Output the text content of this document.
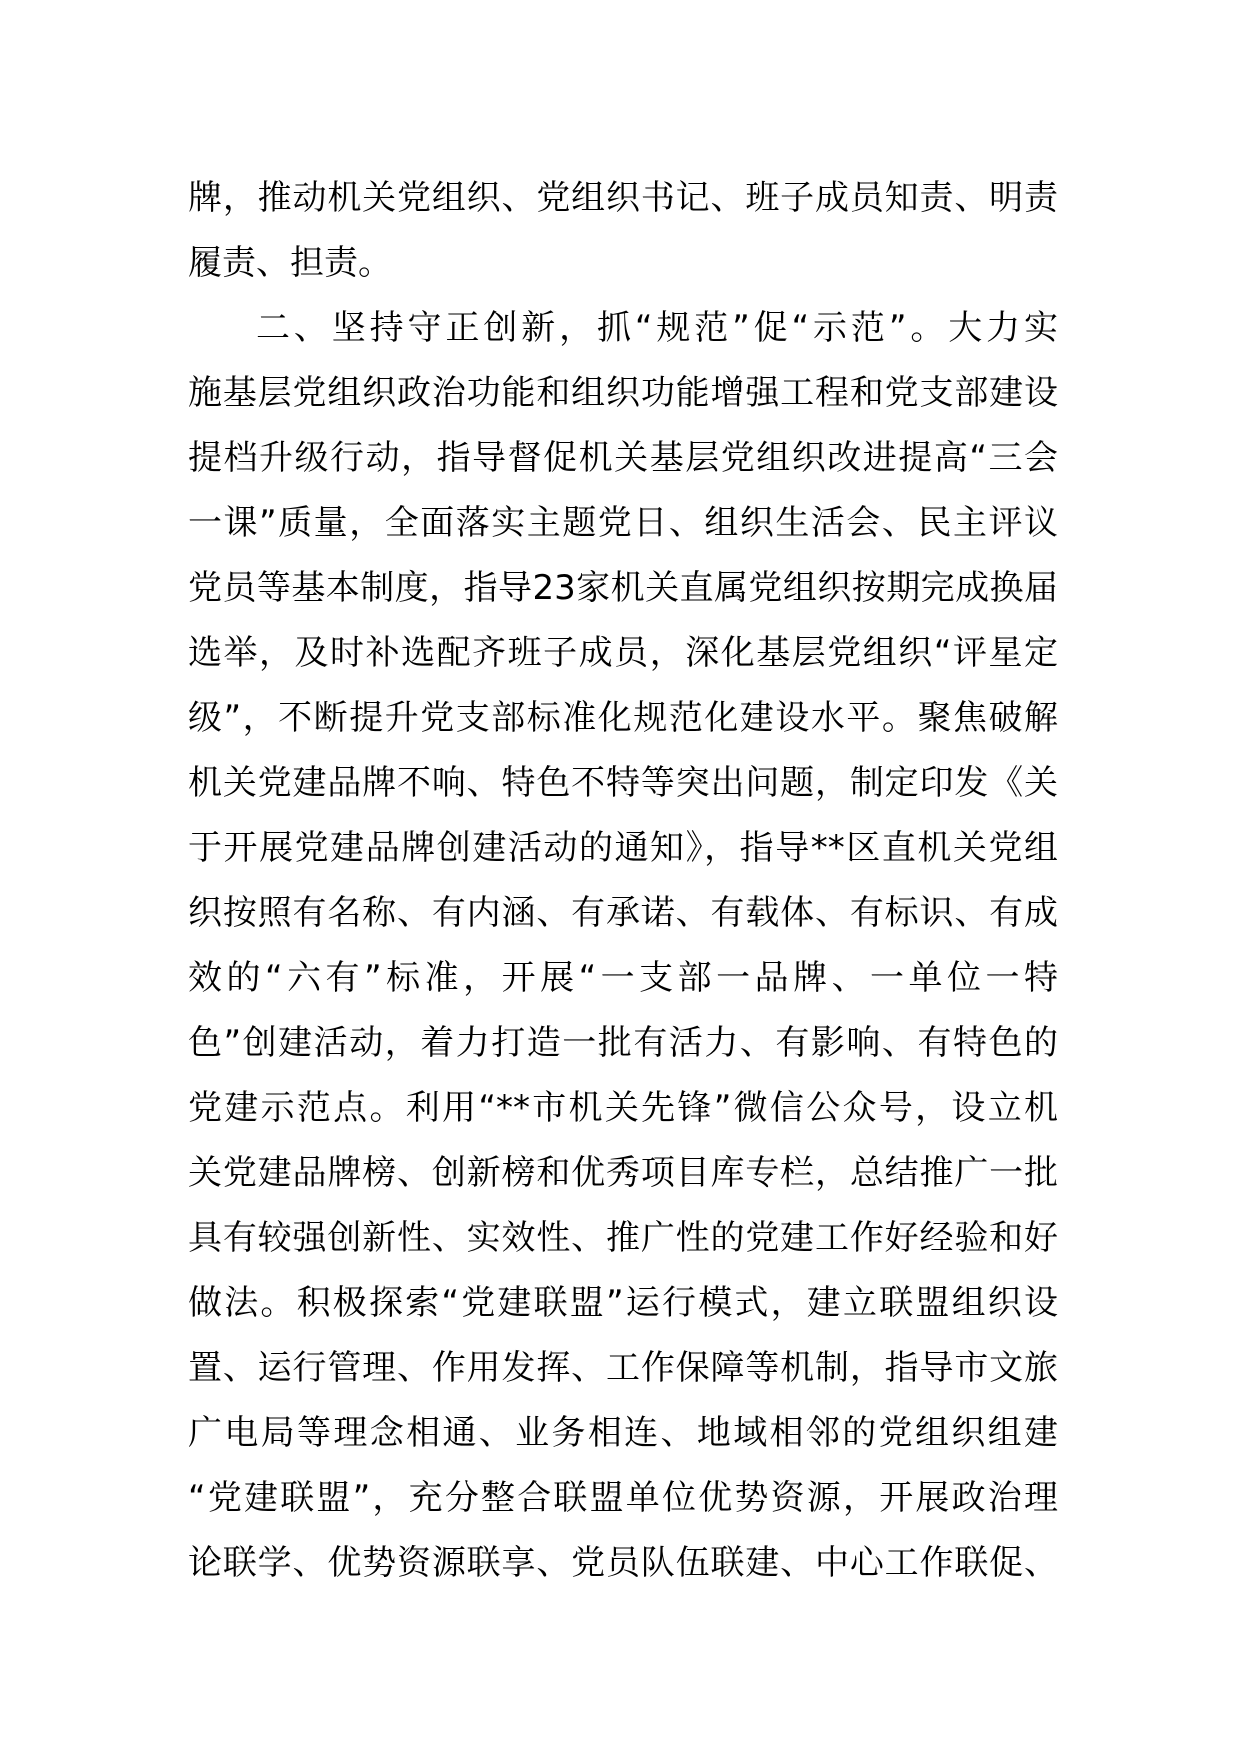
牌，推动机关党组织、党组织书记、班子成员知责、明责
履责、担责。
二、坚持守正创新，抓“规范”促“示范”。大力实
施基层党组织政治功能和组织功能增强工程和党支部建设
提档升级行动，指导督促机关基层党组织改进提高“三会
一课”质量，全面落实主题党日、组织生活会、民主评议
党员等基本制度，指导23家机关直属党组织按期完成换届
选举，及时补选配齐班子成员，深化基层党组织“评星定
级”，不断提升党支部标准化规范化建设水平。聚焦破解
机关党建品牌不响、特色不特等突出问题，制定印发《关
于开展党建品牌创建活动的通知》，指导**区直机关党组
织按照有名称、有内涵、有承诺、有载体、有标识、有成
效的“六有”标准，开展“一支部一品牌、一单位一特
色”创建活动，着力打造一批有活力、有影响、有特色的
党建示范点。利用“**市机关先锋”微信公众号，设立机
关党建品牌榜、创新榜和优秀项目库专栏，总结推广一批
具有较强创新性、实效性、推广性的党建工作好经验和好
做法。积极探索“党建联盟”运行模式，建立联盟组织设
置、运行管理、作用发挥、工作保障等机制，指导市文旅
广电局等理念相通、业务相连、地域相邻的党组织组建
“党建联盟”，充分整合联盟单位优势资源，开展政治理
论联学、优势资源联享、党员队伍联建、中心工作联促、
